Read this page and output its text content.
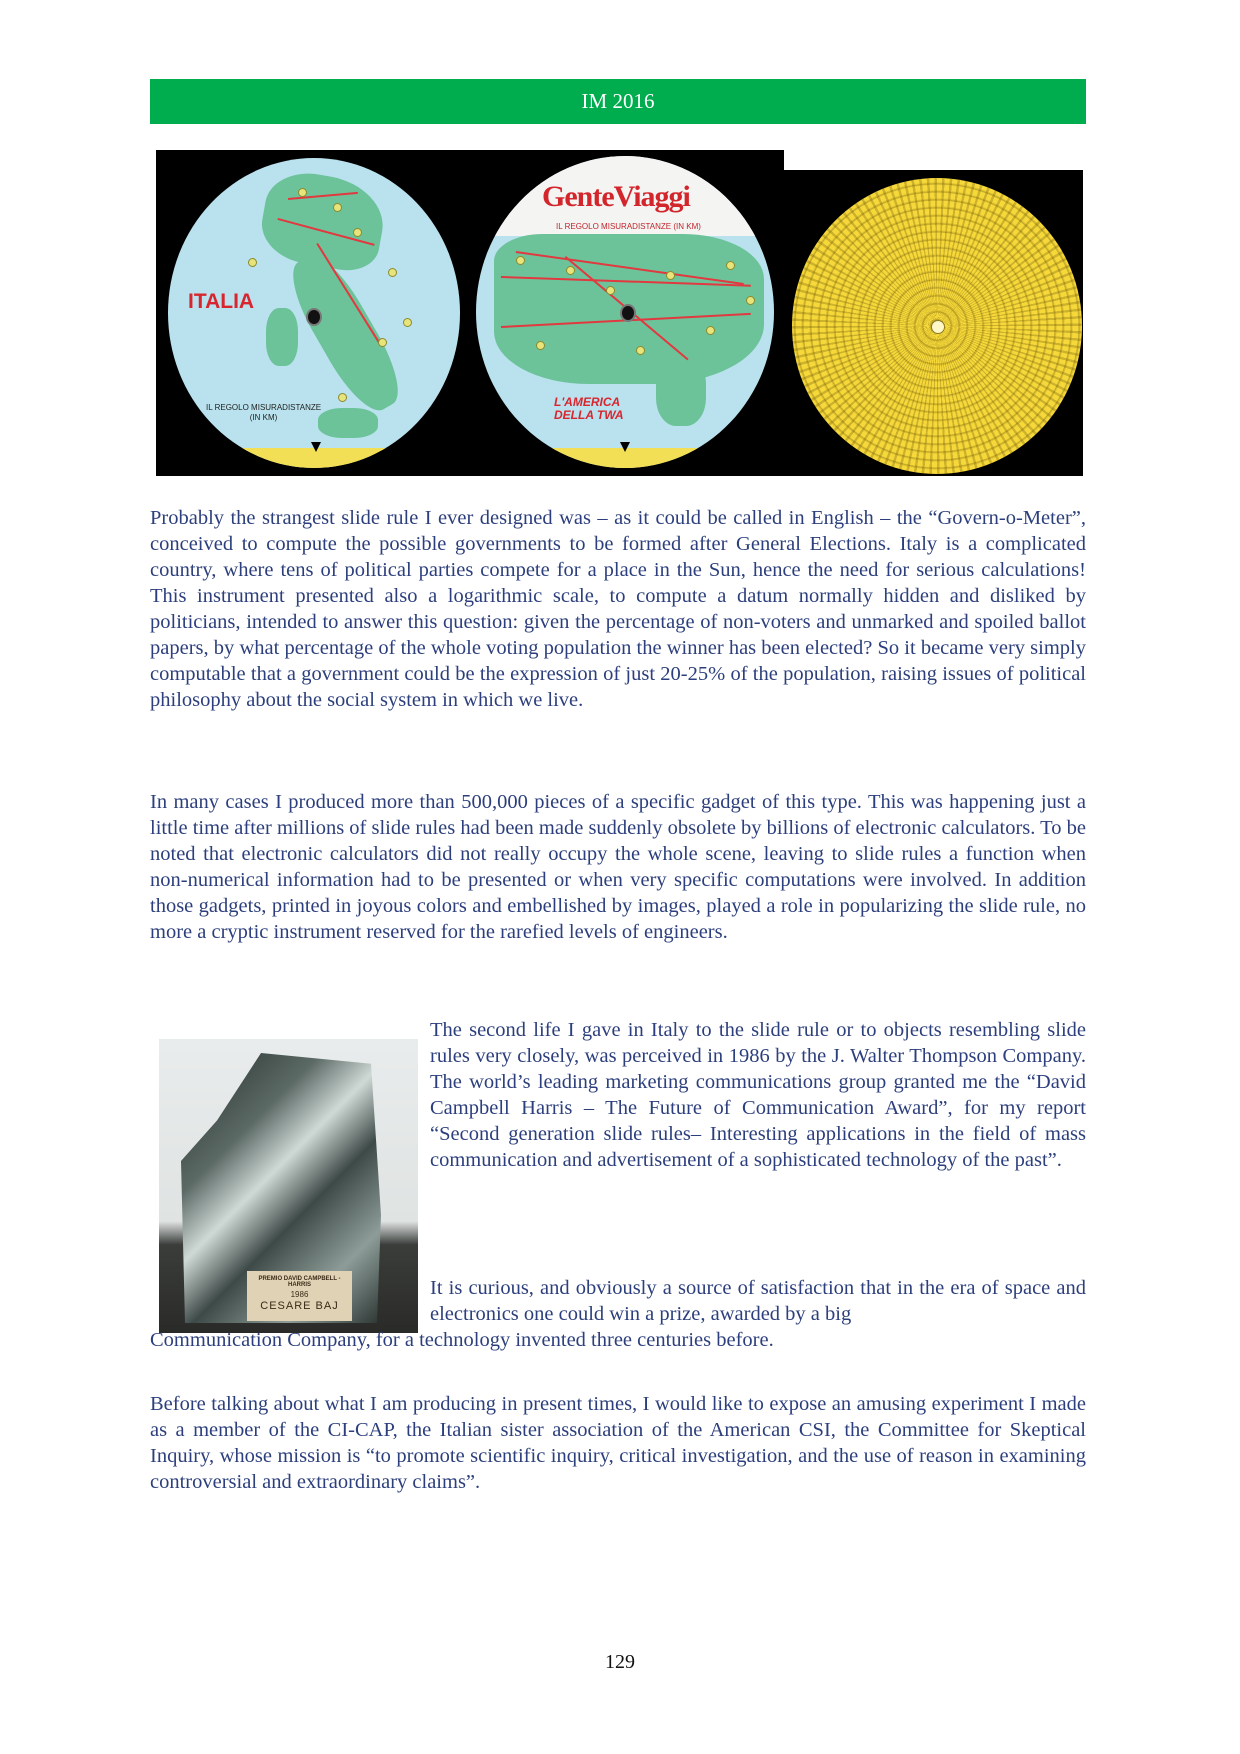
IM 2016
ITALIA
IL REGOLO MISURADISTANZE
(IN KM)
GenteViaggi
IL REGOLO MISURADISTANZE (IN KM)
L'AMERICA
DELLA TWA
Probably the strangest slide rule I ever designed was – as it could be called in English – the “Govern-o-Meter”, conceived to compute the possible governments to be formed after General Elections. Italy is a complicated country, where tens of political parties compete for a place in the Sun, hence the need for serious calculations! This instrument presented also a logarithmic scale, to compute a datum normally hidden and disliked by politicians, intended to answer this question: given the percentage of non-voters and unmarked and spoiled ballot papers, by what percentage of the whole voting population the winner has been elected? So it became very simply computable that a government could be the expression of just 20-25% of the population, raising issues of political philosophy about the social system in which we live.
In many cases I produced more than 500,000 pieces of a specific gadget of this type. This was happening just a little time after millions of slide rules had been made suddenly obsolete by billions of electronic calculators. To be noted that electronic calculators did not really occupy the whole scene, leaving to slide rules a function when non-numerical information had to be presented or when very specific computations were involved. In addition those gadgets, printed in joyous colors and embellished by images, played a role in popularizing the slide rule, no more a cryptic instrument reserved for the rarefied levels of engineers.
PREMIO DAVID CAMPBELL - HARRIS
1986
CESARE BAJ
The second life I gave in Italy to the slide rule or to objects resembling slide rules very closely, was perceived in 1986 by the J. Walter Thompson Company. The world’s leading marketing communications group granted me the “David Campbell Harris – The Future of Communication Award”, for my report “Second generation slide rules– Interesting applications in the field of mass communication and advertisement of a sophisticated technology of the past”.
It is curious, and obviously a source of satisfaction that in the era of space and electronics one could win a prize, awarded by a big
Communication Company, for a technology invented three centuries before.
Before talking about what I am producing in present times, I would like to expose an amusing experiment I made as a member of the CI-CAP, the Italian sister association of the American CSI, the Committee for Skeptical Inquiry, whose mission is “to promote scientific inquiry, critical investigation, and the use of reason in examining controversial and extraordinary claims”.
129
